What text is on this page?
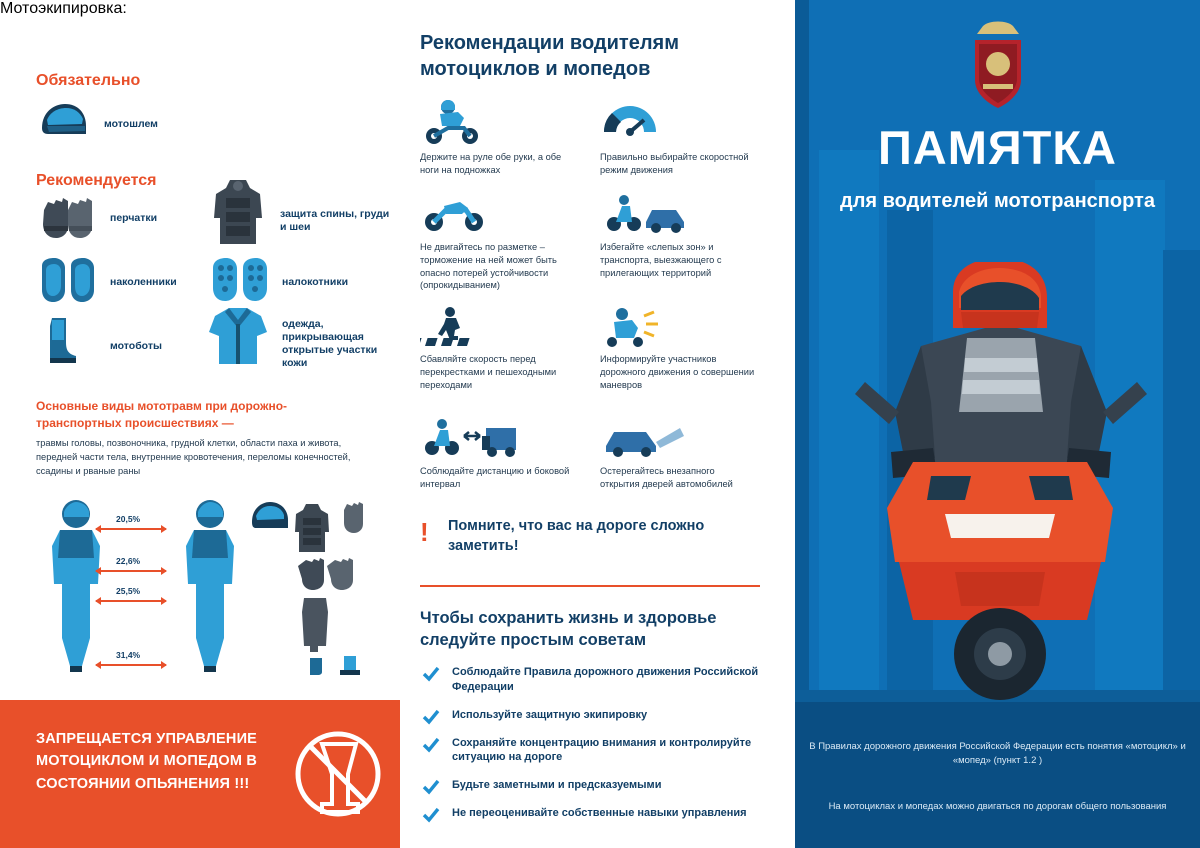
Мотоэкипировка:
Обязательно
мотошлем
Рекомендуется
перчатки	защита спины, груди и шеи
наколенники	налокотники
мотоботы
одежда, прикрывающая открытые участки кожи
Основные виды мототравм при дорожно-транспортных происшествиях —
травмы головы, позвоночника, грудной клетки, области паха и живота, передней части тела, внутренние кровотечения, переломы конечностей, ссадины и рваные раны
20,5%
22,6%
25,5%
31,4%
ЗАПРЕЩАЕТСЯ УПРАВЛЕНИЕ МОТОЦИКЛОМ И МОПЕДОМ В СОСТОЯНИИ ОПЬЯНЕНИЯ !!!
Рекомендации водителям мотоциклов и мопедов
Держите на руле обе руки, а обе ноги на подножках
Правильно выбирайте скоростной режим движения
Не двигайтесь по разметке – торможение на ней может быть опасно потерей устойчивости (опрокидыванием)
Избегайте «слепых зон» и транспорта, выезжающего с прилегающих территорий
Сбавляйте скорость перед перекрестками и пешеходными переходами
Информируйте участников дорожного движения о совершении маневров
Соблюдайте дистанцию и боковой интервал
Остерегайтесь внезапного открытия дверей автомобилей
! Помните, что вас на дороге сложно заметить!
Чтобы сохранить жизнь и здоровье следуйте простым советам
Соблюдайте Правила дорожного движения Российской Федерации
Используйте защитную экипировку
Сохраняйте концентрацию внимания и контролируйте ситуацию на дороге
Будьте заметными и предсказуемыми
Не переоценивайте собственные навыки управления
ПАМЯТКА
для водителей мототранспорта
В Правилах дорожного движения Российской Федерации есть понятия «мотоцикл» и «мопед» (пункт 1.2 )
На мотоциклах и мопедах можно двигаться по дорогам общего пользования
